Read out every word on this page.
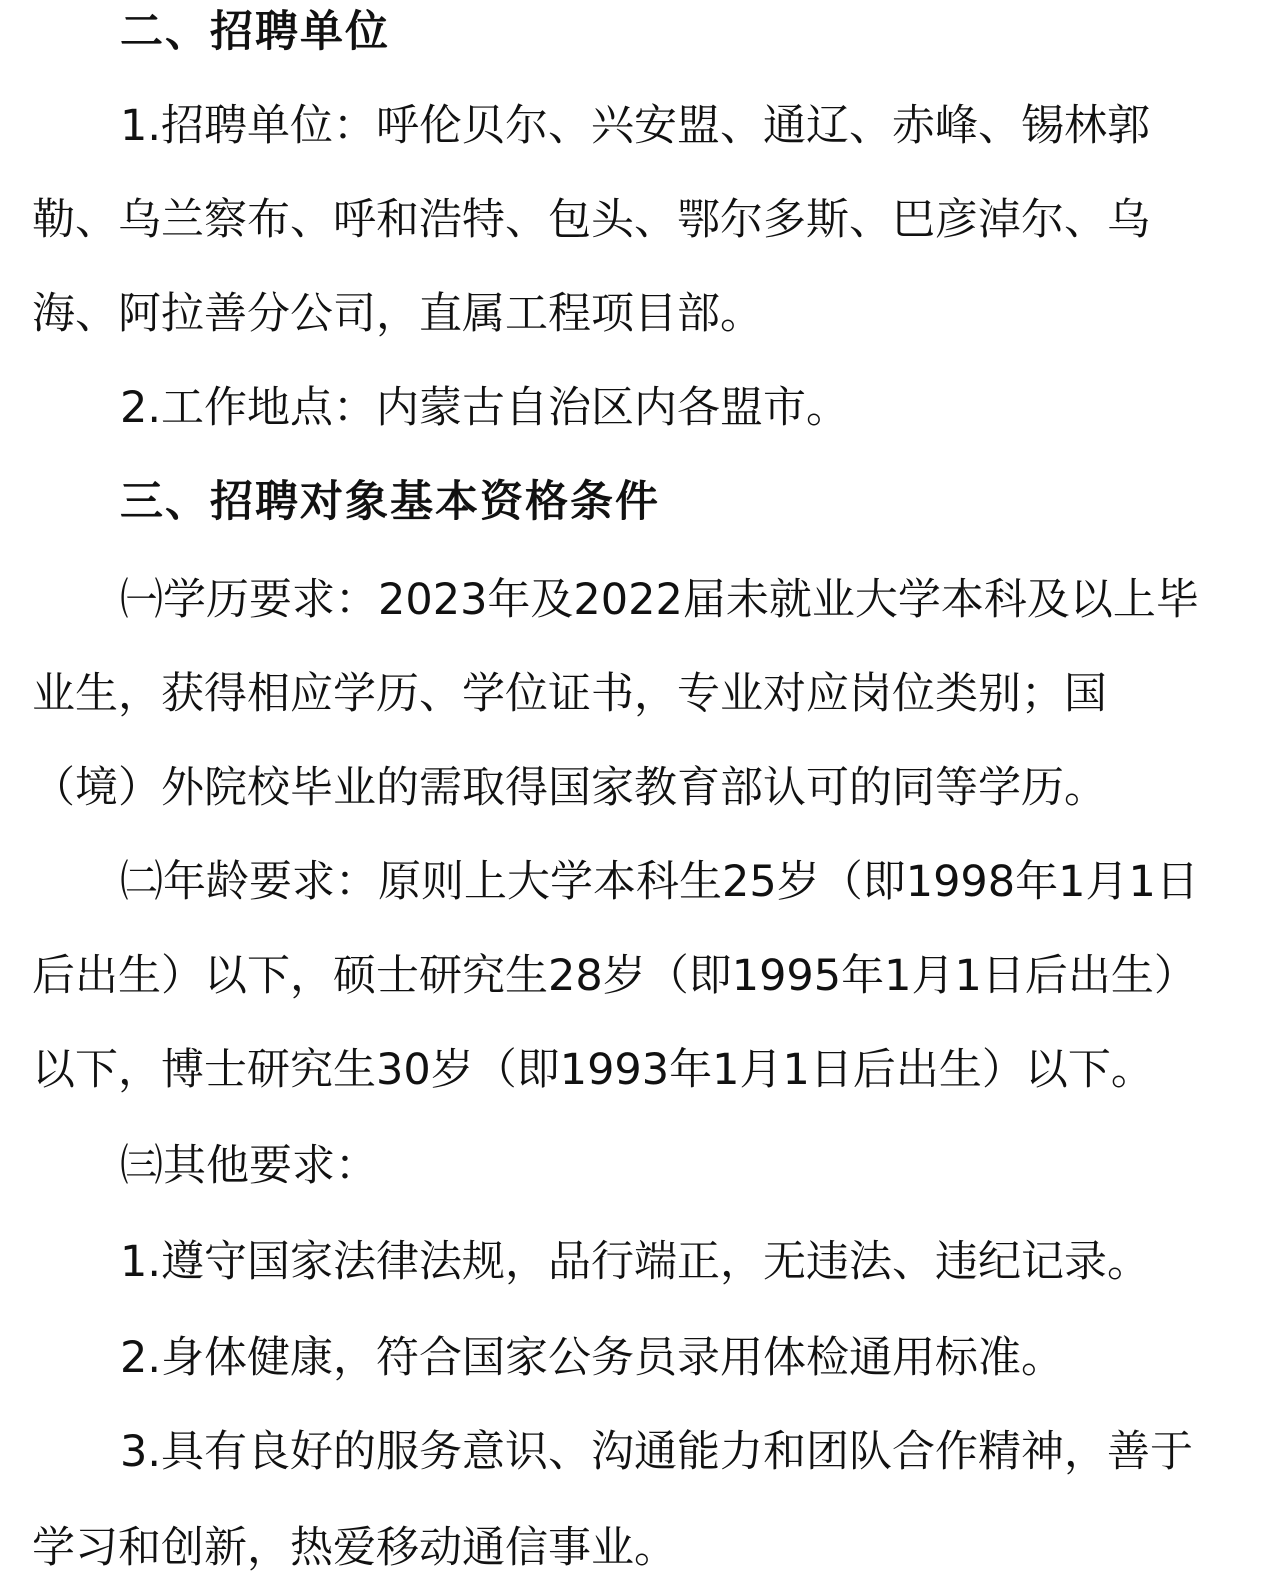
二、招聘单位
1.招聘单位：呼伦贝尔、兴安盟、通辽、赤峰、锡林郭
勒、乌兰察布、呼和浩特、包头、鄂尔多斯、巴彦淖尔、乌
海、阿拉善分公司，直属工程项目部。
2.工作地点：内蒙古自治区内各盟市。
三、招聘对象基本资格条件
㈠学历要求：2023年及2022届未就业大学本科及以上毕
业生，获得相应学历、学位证书，专业对应岗位类别；国
（境）外院校毕业的需取得国家教育部认可的同等学历。
㈡年龄要求：原则上大学本科生25岁（即1998年1月1日
后出生）以下，硕士研究生28岁（即1995年1月1日后出生）
以下，博士研究生30岁（即1993年1月1日后出生）以下。
㈢其他要求：
1.遵守国家法律法规，品行端正，无违法、违纪记录。
2.身体健康，符合国家公务员录用体检通用标准。
3.具有良好的服务意识、沟通能力和团队合作精神，善于
学习和创新，热爱移动通信事业。
